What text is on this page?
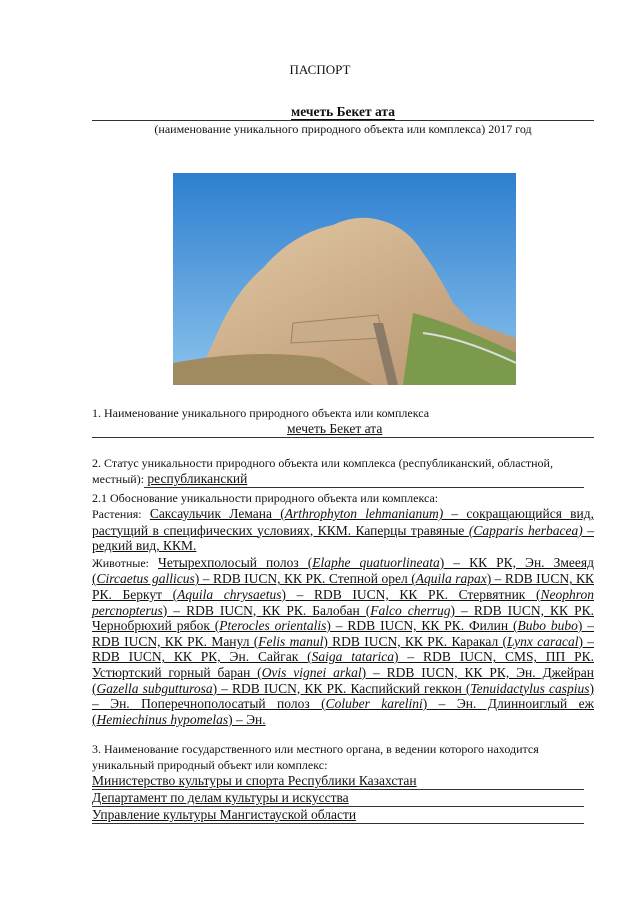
ПАСПОРТ
мечеть Бекет ата
(наименование уникального природного объекта или комплекса) 2017 год
1. Наименование уникального природного объекта или комплекса
мечеть Бекет ата
2. Статус уникальности природного объекта или комплекса (республиканский, областной, местный): республиканский
2.1 Обоснование уникальности природного объекта или комплекса:
Растения: Саксаульчик Лемана (Arthrophyton lehmanianum) – сокращающийся вид, растущий в специфических условиях, ККМ. Каперцы травяные (Capparis herbacea) – редкий вид, ККМ.
Животные: Четырехполосый полоз (Elaphe quatuorlineata) – КК РК, Эн. Змееяд (Circaetus gallicus) – RDB IUCN, КК РК. Степной орел (Aquila rapax) – RDB IUCN, КК РК. Беркут (Aquila chrysaetus) – RDB IUCN, КК РК. Стервятник (Neophron percnopterus) – RDB IUCN, КК РК. Балобан (Falco cherrug) – RDB IUCN, КК РК. Чернобрюхий рябок (Pterocles orientalis) – RDB IUCN, КК РК. Филин (Bubo bubo) – RDB IUCN, КК РК. Манул (Felis manul) RDB IUCN, КК РК. Каракал (Lynx caracal) – RDB IUCN, КК РК, Эн. Сайгак (Saiga tatarica) – RDB IUCN, CMS, ПП РК. Устюртский горный баран (Ovis vignei arkal) – RDB IUCN, КК РК, Эн. Джейран (Gazella subgutturosa) – RDB IUCN, КК РК. Каспийский геккон (Tenuidactylus caspius) – Эн. Поперечнополосатый полоз (Coluber karelini) – Эн. Длинноиглый еж (Hemiechinus hypomelas) – Эн.
3. Наименование государственного или местного органа, в ведении которого находится уникальный природный объект или комплекс:
Министерство культуры и спорта Республики Казахстан
Департамент по делам культуры и искусства
Управление культуры Мангистауской области
